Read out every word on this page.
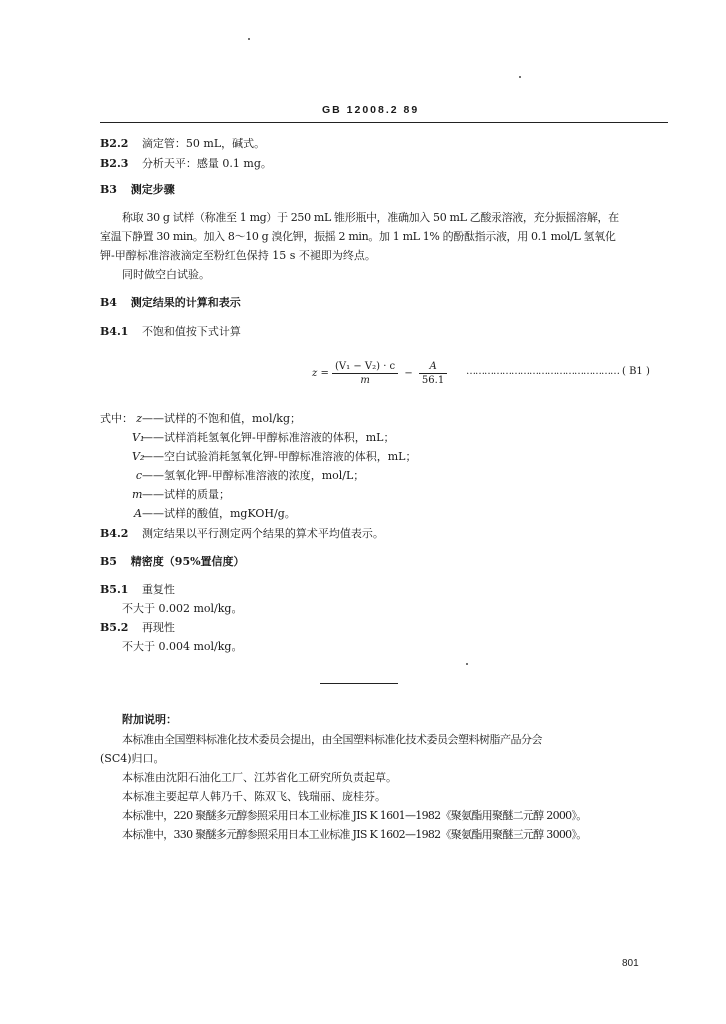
GB 12008.2 89
B2.2 滴定管：50 mL，碱式。
B2.3 分析天平：感量 0.1 mg。
B3 测定步骤
称取 30 g 试样（称准至 1 mg）于 250 mL 锥形瓶中，准确加入 50 mL 乙酸汞溶液，充分振摇溶解，在
室温下静置 30 min。加入 8～10 g 溴化钾，振摇 2 min。加 1 mL 1% 的酚酞指示液，用 0.1 mol/L 氢氧化
钾-甲醇标准溶液滴定至粉红色保持 15 s 不褪即为终点。
同时做空白试验。
B4 测定结果的计算和表示
B4.1 不饱和值按下式计算
$z = \frac{\text{(V₁ − V₂) · c}}{m} - \frac{A}{56.1}$ …………………………………………… ( B1 )
式中： z——试样的不饱和值，mol/kg；
V₁——试样消耗氢氧化钾-甲醇标准溶液的体积，mL；
V₂——空白试验消耗氢氧化钾-甲醇标准溶液的体积，mL；
c——氢氧化钾-甲醇标准溶液的浓度，mol/L；
m——试样的质量；
A——试样的酸值，mgKOH/g。
B4.2 测定结果以平行测定两个结果的算术平均值表示。
B5 精密度（95%置信度）
B5.1 重复性
不大于 0.002 mol/kg。
B5.2 再现性
不大于 0.004 mol/kg。
附加说明：
本标准由全国塑料标准化技术委员会提出，由全国塑料标准化技术委员会塑料树脂产品分会
(SC4)归口。
本标准由沈阳石油化工厂、江苏省化工研究所负责起草。
本标准主要起草人韩乃千、陈双飞、钱瑞丽、庞桂芬。
本标准中，220 聚醚多元醇参照采用日本工业标准 JIS K 1601—1982《聚氨酯用聚醚二元醇 2000》。
本标准中，330 聚醚多元醇参照采用日本工业标准 JIS K 1602—1982《聚氨酯用聚醚三元醇 3000》。
801
